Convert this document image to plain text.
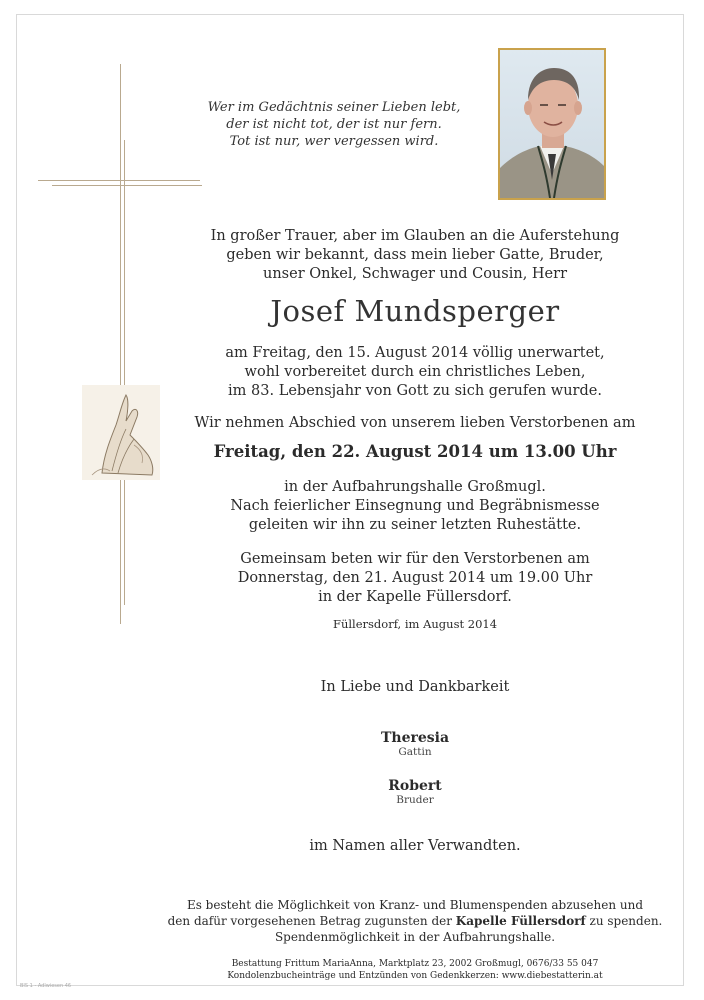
Wer im Gedächtnis seiner Lieben lebt,
der ist nicht tot, der ist nur fern.
Tot ist nur, wer vergessen wird.
In großer Trauer, aber im Glauben an die Auferstehung
geben wir bekannt, dass mein lieber Gatte, Bruder,
unser Onkel, Schwager und Cousin, Herr
Josef Mundsperger
am Freitag, den 15. August 2014 völlig unerwartet,
wohl vorbereitet durch ein christliches Leben,
im 83. Lebensjahr von Gott zu sich gerufen wurde.
Wir nehmen Abschied von unserem lieben Verstorbenen am
Freitag, den 22. August 2014 um 13.00 Uhr
in der Aufbahrungshalle Großmugl.
Nach feierlicher Einsegnung und Begräbnismesse
geleiten wir ihn zu seiner letzten Ruhestätte.
Gemeinsam beten wir für den Verstorbenen am
Donnerstag, den 21. August 2014 um 19.00 Uhr
in der Kapelle Füllersdorf.
Füllersdorf, im August 2014
In Liebe und Dankbarkeit
Theresia
Gattin
Robert
Bruder
im Namen aller Verwandten.
Es besteht die Möglichkeit von Kranz- und Blumenspenden abzusehen und
den dafür vorgesehenen Betrag zugunsten der Kapelle Füllersdorf zu spenden.
Spendenmöglichkeit in der Aufbahrungshalle.
Bestattung Frittum MariaAnna, Marktplatz 23, 2002 Großmugl, 0676/33 55 047
Kondolenzbucheinträge und Entzünden von Gedenkkerzen: www.diebestatterin.at
BIS 1 - Adlwiesen 46
